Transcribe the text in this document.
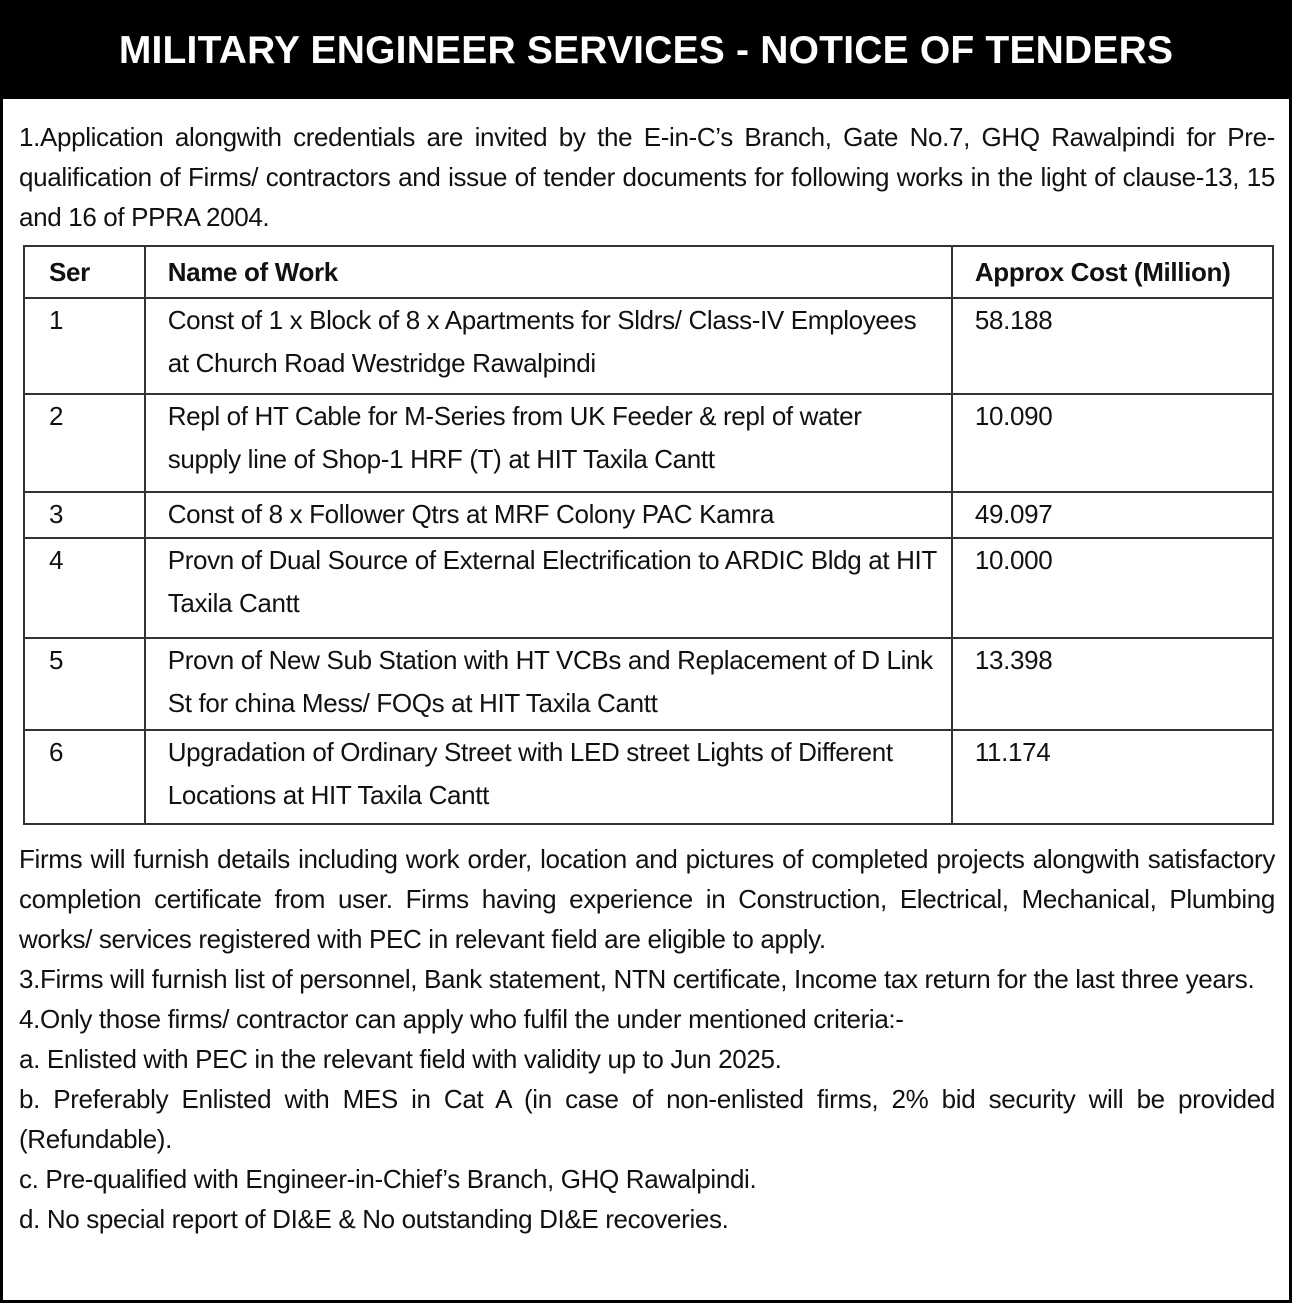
MILITARY ENGINEER SERVICES - NOTICE OF TENDERS

1.Application alongwith credentials are invited by the E-in-C’s Branch, Gate No.7, GHQ Rawalpindi for Pre-qualification of Firms/ contractors and issue of tender documents for following works in the light of clause-13, 15 and 16 of PPRA 2004.

Ser	Name of Work	Approx Cost (Million)
1	Const of 1 x Block of 8 x Apartments for Sldrs/ Class-IV Employees at Church Road Westridge Rawalpindi	58.188
2	Repl of HT Cable for M-Series from UK Feeder & repl of water supply line of Shop-1 HRF (T) at HIT Taxila Cantt	10.090
3	Const of 8 x Follower Qtrs at MRF Colony PAC Kamra	49.097
4	Provn of Dual Source of External Electrification to ARDIC Bldg at HIT Taxila Cantt	10.000
5	Provn of New Sub Station with HT VCBs and Replacement of D Link St for china Mess/ FOQs at HIT Taxila Cantt	13.398
6	Upgradation of Ordinary Street with LED street Lights of Different Locations at HIT Taxila Cantt	11.174

Firms will furnish details including work order, location and pictures of completed projects alongwith satisfactory completion certificate from user. Firms having experience in Construction, Electrical, Mechanical, Plumbing works/ services registered with PEC in relevant field are eligible to apply.

3.Firms will furnish list of personnel, Bank statement, NTN certificate, Income tax return for the last three years.

4.Only those firms/ contractor can apply who fulfil the under mentioned criteria:-

a. Enlisted with PEC in the relevant field with validity up to Jun 2025.

b. Preferably Enlisted with MES in Cat A (in case of non-enlisted firms, 2% bid security will be provided (Refundable).

c. Pre-qualified with Engineer-in-Chief’s Branch, GHQ Rawalpindi.

d. No special report of DI&E & No outstanding DI&E recoveries.
